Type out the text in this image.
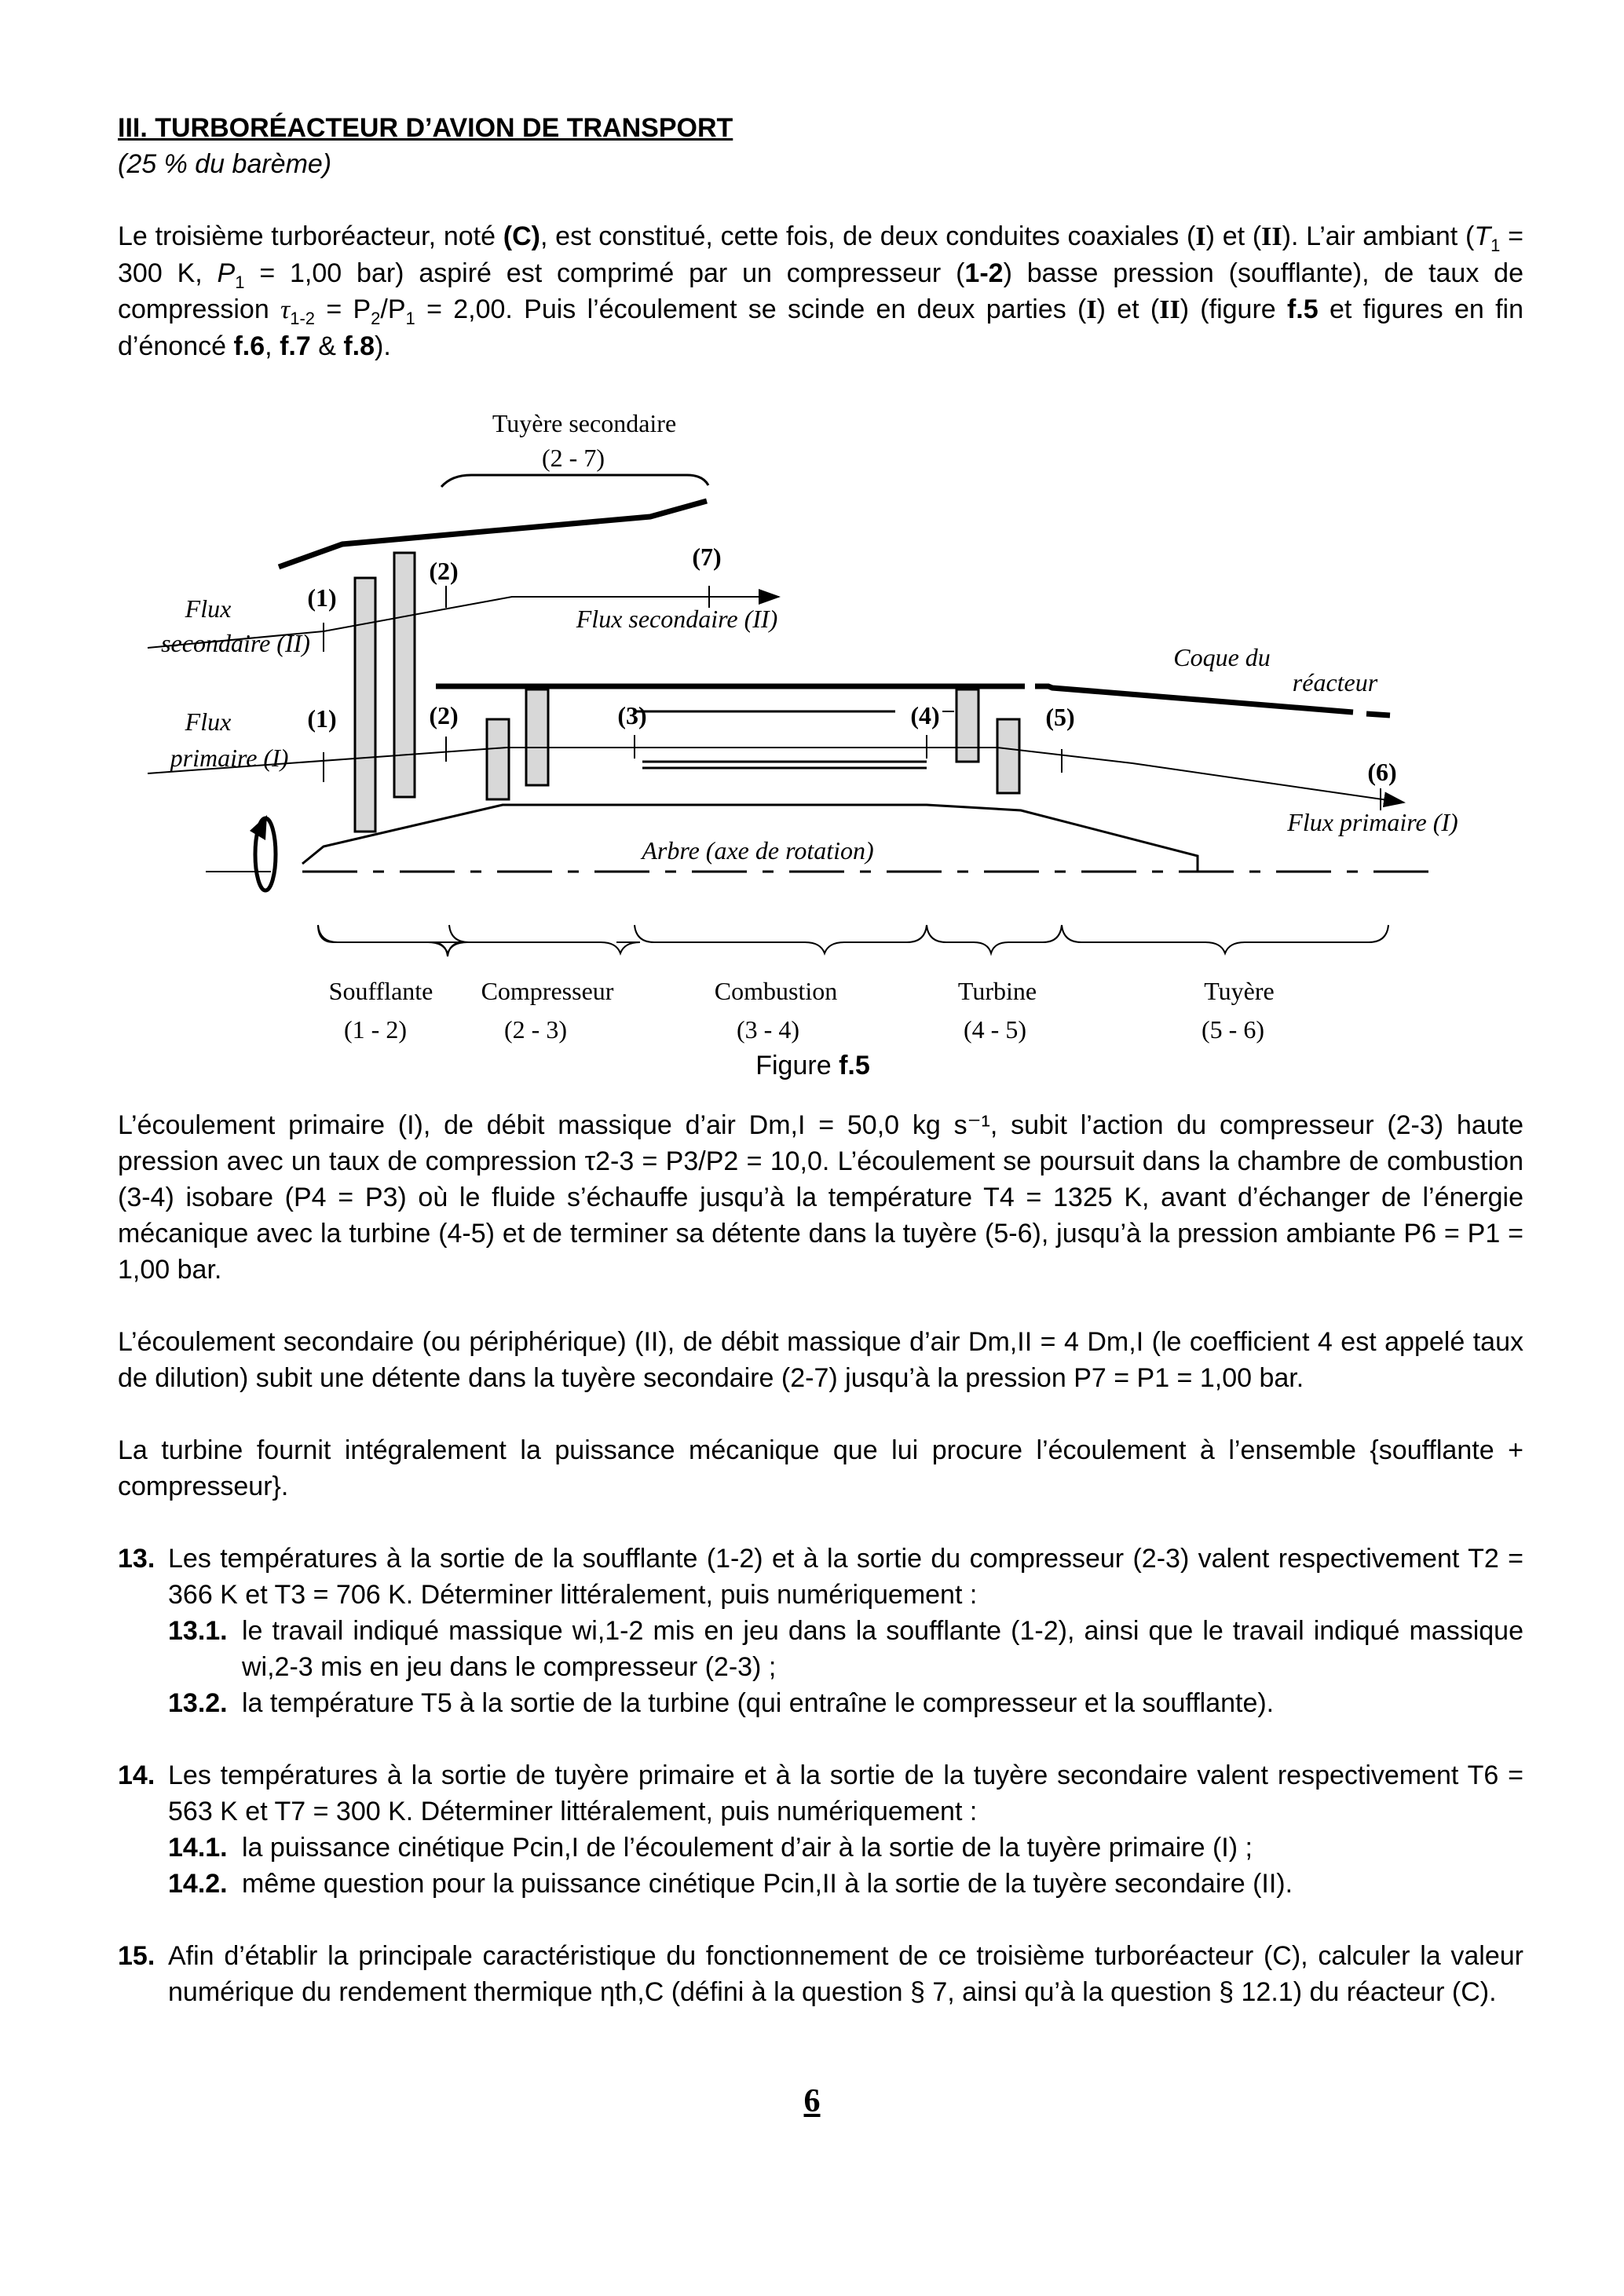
III. TURBORÉACTEUR D’AVION DE TRANSPORT
(25 % du barème)

Le troisième turboréacteur, noté (C), est constitué, cette fois, de deux conduites coaxiales (I) et (II). L’air ambiant ($T_1 = 300$ K, $P_1 = 1,00$ bar) aspiré est comprimé par un compresseur (1-2) basse pression (soufflante), de taux de compression $\tau_{1-2} = P_2/P_1 = 2,00$. Puis l’écoulement se scinde en deux parties (I) et (II) (figure f.5 et figures en fin d’énoncé f.6, f.7 & f.8).

Tuyère secondaire
(2 - 7)
(1)
(2)	(7)
Flux
secondaire (II)
Flux secondaire (II)
Coque du
réacteur
(1)	(2)	(3)	(4)	(5)
(6)
Flux
primaire (I)
Flux primaire (I)
Arbre (axe de rotation)
Soufflante
(1 - 2)
Compresseur
(2 - 3)
Combustion
(3 - 4)
Turbine
(4 - 5)
Tuyère
(5 - 6)
Figure f.5

L’écoulement primaire (I), de débit massique d’air Dm,I = 50,0 kg s⁻¹, subit l’action du compresseur (2-3) haute pression avec un taux de compression τ2-3 = P3/P2 = 10,0. L’écoulement se poursuit dans la chambre de combustion (3-4) isobare (P4 = P3) où le fluide s’échauffe jusqu’à la température T4 = 1325 K, avant d’échanger de l’énergie mécanique avec la turbine (4-5) et de terminer sa détente dans la tuyère (5-6), jusqu’à la pression ambiante P6 = P1 = 1,00 bar.

L’écoulement secondaire (ou périphérique) (II), de débit massique d’air Dm,II = 4 Dm,I (le coefficient 4 est appelé taux de dilution) subit une détente dans la tuyère secondaire (2-7) jusqu’à la pression P7 = P1 = 1,00 bar.

La turbine fournit intégralement la puissance mécanique que lui procure l’écoulement à l’ensemble {soufflante + compresseur}.

13. Les températures à la sortie de la soufflante (1-2) et à la sortie du compresseur (2-3) valent respectivement T2 = 366 K et T3 = 706 K. Déterminer littéralement, puis numériquement :
13.1. le travail indiqué massique wi,1-2 mis en jeu dans la soufflante (1-2), ainsi que le travail indiqué massique wi,2-3 mis en jeu dans le compresseur (2-3) ;
13.2. la température T5 à la sortie de la turbine (qui entraîne le compresseur et la soufflante).
14. Les températures à la sortie de tuyère primaire et à la sortie de la tuyère secondaire valent respectivement T6 = 563 K et T7 = 300 K. Déterminer littéralement, puis numériquement :
14.1. la puissance cinétique Pcin,I de l’écoulement d’air à la sortie de la tuyère primaire (I) ;
14.2. même question pour la puissance cinétique Pcin,II à la sortie de la tuyère secondaire (II).
15. Afin d’établir la principale caractéristique du fonctionnement de ce troisième turboréacteur (C), calculer la valeur numérique du rendement thermique ηth,C (défini à la question § 7, ainsi qu’à la question § 12.1) du réacteur (C).
6
